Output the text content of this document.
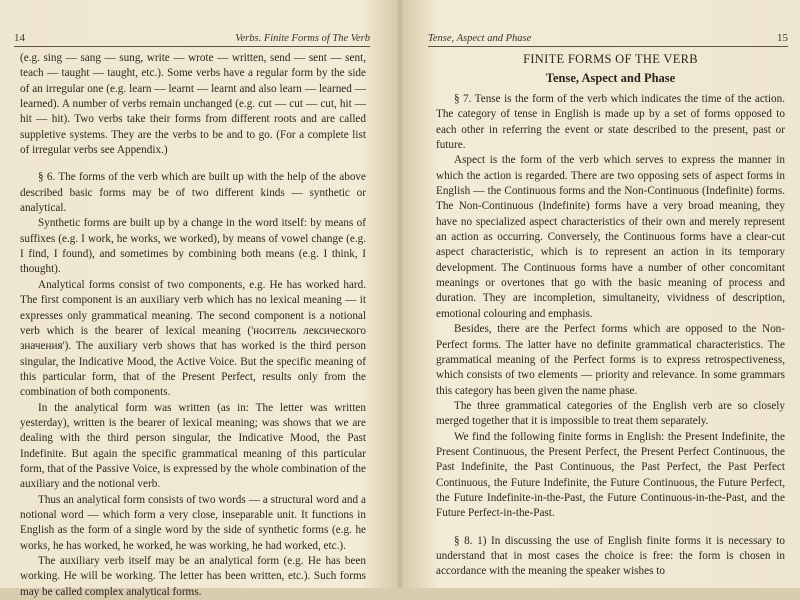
14	Verbs. Finite Forms of The Verb

(e.g. sing — sang — sung, write — wrote — written, send — sent — sent, teach — taught — taught, etc.). Some verbs have a regular form by the side of an irregular one (e.g. learn — learnt — learnt and also learn — learned — learned). A number of verbs remain unchanged (e.g. cut — cut — cut, hit — hit — hit). Two verbs take their forms from different roots and are called suppletive systems. They are the verbs to be and to go. (For a complete list of irregular verbs see Appendix.)

§ 6. The forms of the verb which are built up with the help of the above described basic forms may be of two different kinds — synthetic or analytical.

Synthetic forms are built up by a change in the word itself: by means of suffixes (e.g. I work, he works, we worked), by means of vowel change (e.g. I find, I found), and sometimes by combining both means (e.g. I think, I thought).

Analytical forms consist of two components, e.g. He has worked hard. The first component is an auxiliary verb which has no lexical meaning — it expresses only grammatical meaning. The second component is a notional verb which is the bearer of lexical meaning ('носитель лексического значения'). The auxiliary verb shows that has worked is the third person singular, the Indicative Mood, the Active Voice. But the specific meaning of this particular form, that of the Present Perfect, results only from the combination of both components.

In the analytical form was written (as in: The letter was written yesterday), written is the bearer of lexical meaning; was shows that we are dealing with the third person singular, the Indicative Mood, the Past Indefinite. But again the specific grammatical meaning of this particular form, that of the Passive Voice, is expressed by the whole combination of the auxiliary and the notional verb.

Thus an analytical form consists of two words — a structural word and a notional word — which form a very close, inseparable unit. It functions in English as the form of a single word by the side of synthetic forms (e.g. he works, he has worked, he worked, he was working, he had worked, etc.).

The auxiliary verb itself may be an analytical form (e.g. He has been working. He will be working. The letter has been written, etc.). Such forms may be called complex analytical forms.

Tense, Aspect and Phase	15
FINITE FORMS OF THE VERB
Tense, Aspect and Phase

§ 7. Tense is the form of the verb which indicates the time of the action. The category of tense in English is made up by a set of forms opposed to each other in referring the event or state described to the present, past or future.

Aspect is the form of the verb which serves to express the manner in which the action is regarded. There are two opposing sets of aspect forms in English — the Continuous forms and the Non-Continuous (Indefinite) forms. The Non-Continuous (Indefinite) forms have a very broad meaning, they have no specialized aspect characteristics of their own and merely represent an action as occurring. Conversely, the Continuous forms have a clear-cut aspect characteristic, which is to represent an action in its temporary development. The Continuous forms have a number of other concomitant meanings or overtones that go with the basic meaning of process and duration. They are incompletion, simultaneity, vividness of description, emotional colouring and emphasis.

Besides, there are the Perfect forms which are opposed to the Non-Perfect forms. The latter have no definite grammatical characteristics. The grammatical meaning of the Perfect forms is to express retrospectiveness, which consists of two elements — priority and relevance. In some grammars this category has been given the name phase.

The three grammatical categories of the English verb are so closely merged together that it is impossible to treat them separately.

We find the following finite forms in English: the Present Indefinite, the Present Continuous, the Present Perfect, the Present Perfect Continuous, the Past Indefinite, the Past Continuous, the Past Perfect, the Past Perfect Continuous, the Future Indefinite, the Future Continuous, the Future Perfect, the Future Indefinite-in-the-Past, the Future Continuous-in-the-Past, and the Future Perfect-in-the-Past.

§ 8. 1) In discussing the use of English finite forms it is necessary to understand that in most cases the choice is free: the form is chosen in accordance with the meaning the speaker wishes to
